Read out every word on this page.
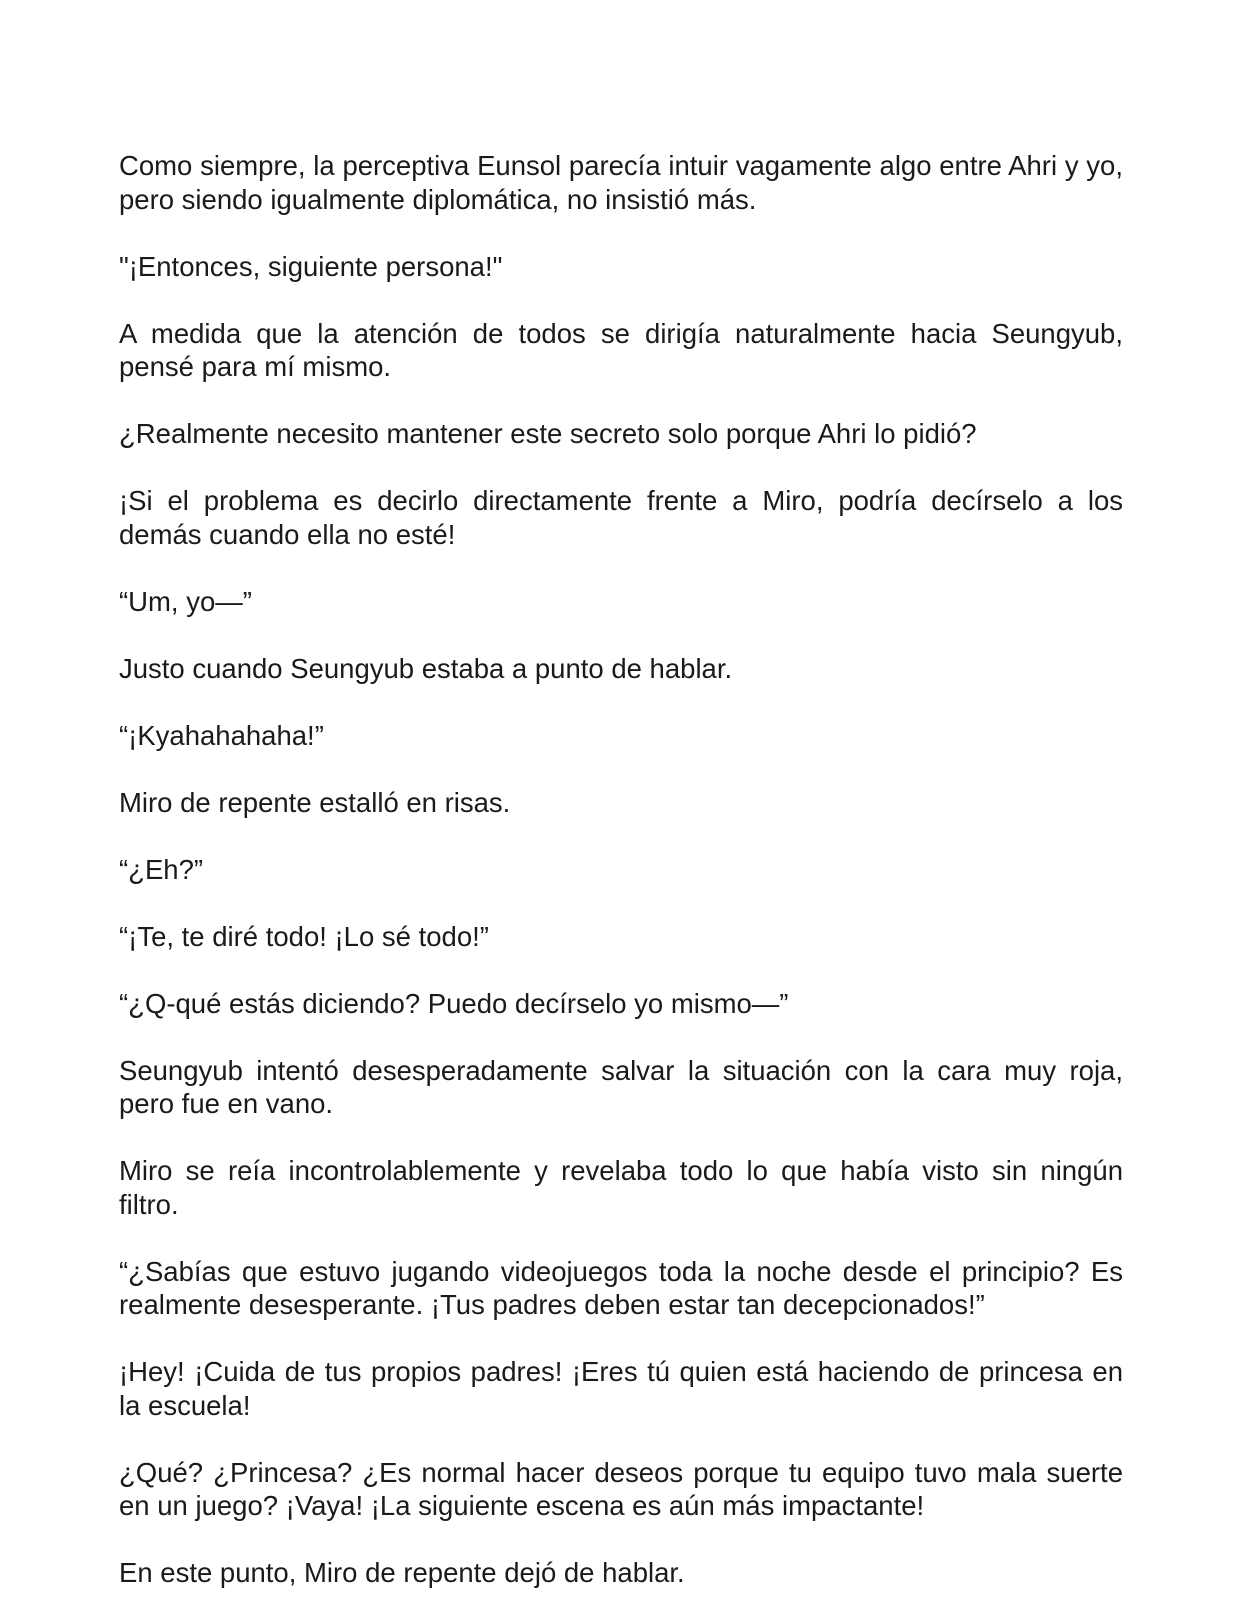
Como siempre, la perceptiva Eunsol parecía intuir vagamente algo entre Ahri y yo, pero siendo igualmente diplomática, no insistió más.

"¡Entonces, siguiente persona!"

A medida que la atención de todos se dirigía naturalmente hacia Seungyub, pensé para mí mismo.

¿Realmente necesito mantener este secreto solo porque Ahri lo pidió?

¡Si el problema es decirlo directamente frente a Miro, podría decírselo a los demás cuando ella no esté!

“Um, yo—”

Justo cuando Seungyub estaba a punto de hablar.

“¡Kyahahahaha!”

Miro de repente estalló en risas.

“¿Eh?”

“¡Te, te diré todo! ¡Lo sé todo!”

“¿Q-qué estás diciendo? Puedo decírselo yo mismo—”

Seungyub intentó desesperadamente salvar la situación con la cara muy roja, pero fue en vano.

Miro se reía incontrolablemente y revelaba todo lo que había visto sin ningún filtro.

“¿Sabías que estuvo jugando videojuegos toda la noche desde el principio? Es realmente desesperante. ¡Tus padres deben estar tan decepcionados!”

¡Hey! ¡Cuida de tus propios padres! ¡Eres tú quien está haciendo de princesa en la escuela!

¿Qué? ¿Princesa? ¿Es normal hacer deseos porque tu equipo tuvo mala suerte en un juego? ¡Vaya! ¡La siguiente escena es aún más impactante!

En este punto, Miro de repente dejó de hablar.
